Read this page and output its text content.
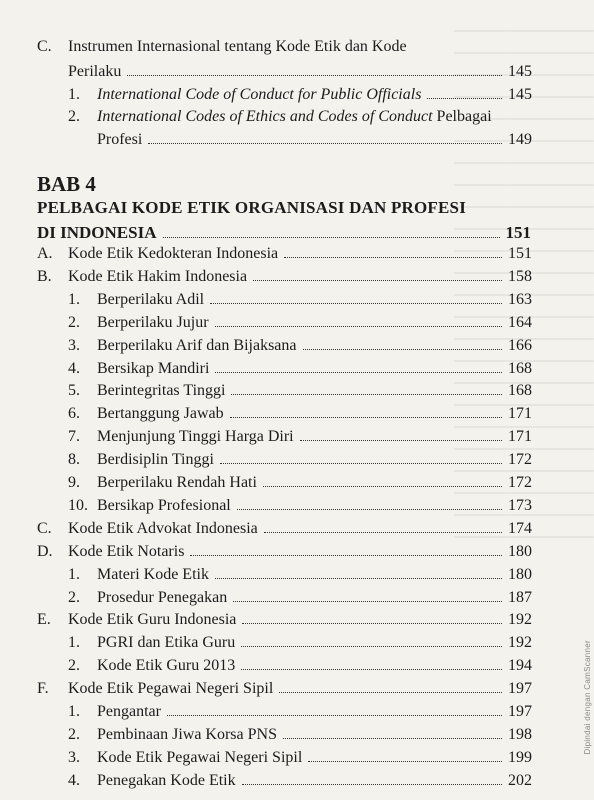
C.	Instrumen Internasional tentang Kode Etik dan Kode
Perilaku	145
1.	International Code of Conduct for Public Officials	145
2.	International Codes of Ethics and Codes of Conduct Pelbagai
Profesi	149
BAB 4
PELBAGAI KODE ETIK ORGANISASI DAN PROFESI
DI INDONESIA	151
A. Kode Etik Kedokteran Indonesia	151
B.	Kode Etik Hakim Indonesia	158
1.	Berperilaku Adil	163
2.	Berperilaku Jujur	164
3.	Berperilaku Arif dan Bijaksana	166
4.	Bersikap Mandiri	168
5.	Berintegritas Tinggi	168
6.	Bertanggung Jawab	171
7.	Menjunjung Tinggi Harga Diri	171
8.	Berdisiplin Tinggi	172
9.	Berperilaku Rendah Hati	172
10. Bersikap Profesional	173
C.	Kode Etik Advokat Indonesia	174
D. Kode Etik Notaris	180
1.	Materi Kode Etik	180
2.	Prosedur Penegakan	187
E.	Kode Etik Guru Indonesia	192
1.	PGRI dan Etika Guru	192
2.	Kode Etik Guru 2013	194
F.	Kode Etik Pegawai Negeri Sipil	197
1.	Pengantar	197
2.	Pembinaan Jiwa Korsa PNS	198
3.	Kode Etik Pegawai Negeri Sipil	199
4.	Penegakan Kode Etik	202
Dipindai dengan CamScanner
